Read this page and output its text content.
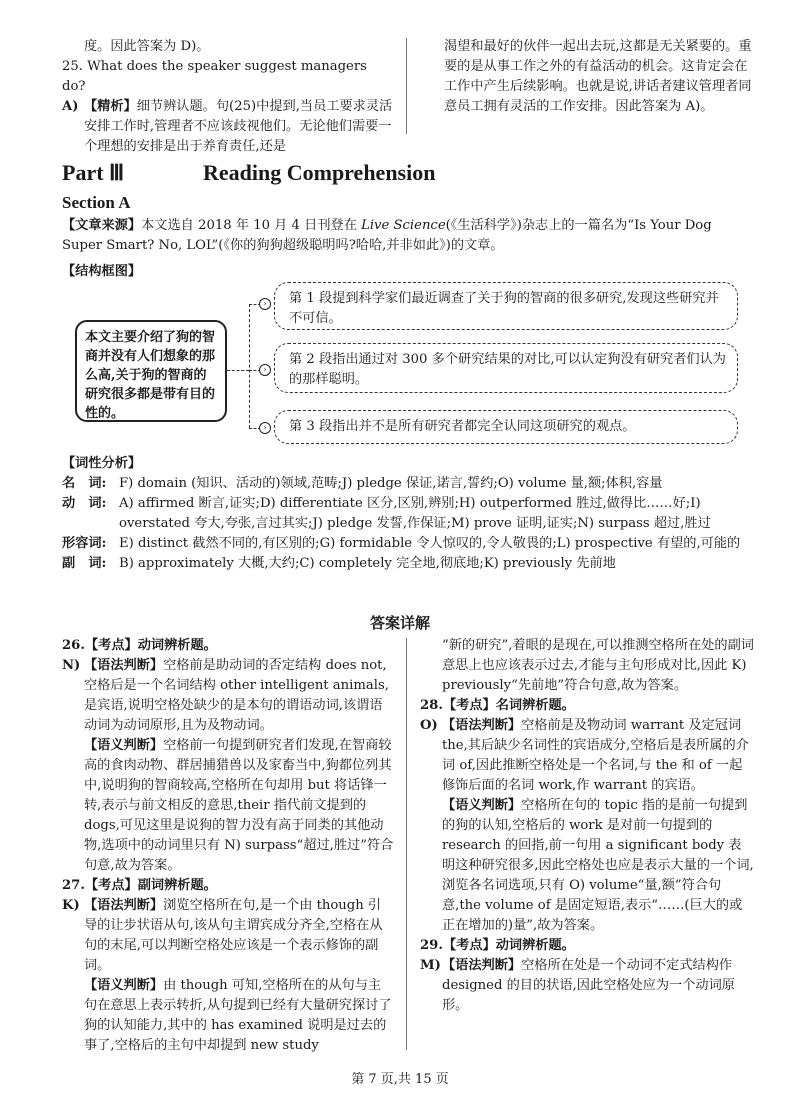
度。因此答案为 D)。

25. What does the speaker suggest managers do?

A) 【精析】细节辨认题。句(25)中提到,当员工要求灵活安排工作时,管理者不应该歧视他们。无论他们需要一个理想的安排是出于养育责任,还是

渴望和最好的伙伴一起出去玩,这都是无关紧要的。重要的是从事工作之外的有益活动的机会。这肯定会在工作中产生后续影响。也就是说,讲话者建议管理者同意员工拥有灵活的工作安排。因此答案为 A)。

Part Ⅲ	Reading Comprehension
Section A

【文章来源】本文选自 2018 年 10 月 4 日刊登在 Live Science(《生活科学》)杂志上的一篇名为“Is Your Dog Super Smart? No, LOL”(《你的狗狗超级聪明吗?哈哈,并非如此》)的文章。

【结构框图】
本文主要介绍了狗的智商并没有人们想象的那么高,关于狗的智商的研究很多都是带有目的性的。
›
›
›
第 1 段提到科学家们最近调查了关于狗的智商的很多研究,发现这些研究并不可信。
第 2 段指出通过对 300 多个研究结果的对比,可以认定狗没有研究者们认为的那样聪明。
第 3 段指出并不是所有研究者都完全认同这项研究的观点。
【词性分析】
名　词: F) domain (知识、活动的)领域,范畴;J) pledge 保证,诺言,誓约;O) volume 量,额;体积,容量
动　词: A) affirmed 断言,证实;D) differentiate 区分,区别,辨别;H) outperformed 胜过,做得比……好;I) overstated 夸大,夸张,言过其实;J) pledge 发誓,作保证;M) prove 证明,证实;N) surpass 超过,胜过
形容词: E) distinct 截然不同的,有区别的;G) formidable 令人惊叹的,令人敬畏的;L) prospective 有望的,可能的
副　词: B) approximately 大概,大约;C) completely 完全地,彻底地;K) previously 先前地
答案详解

26.【考点】动词辨析题。

N) 【语法判断】空格前是助动词的否定结构 does not,空格后是一个名词结构 other intelligent animals,是宾语,说明空格处缺少的是本句的谓语动词,该谓语动词为动词原形,且为及物动词。

【语义判断】空格前一句提到研究者们发现,在智商较高的食肉动物、群居捕猎兽以及家畜当中,狗都位列其中,说明狗的智商较高,空格所在句却用 but 将话锋一转,表示与前文相反的意思,their 指代前文提到的 dogs,可见这里是说狗的智力没有高于同类的其他动物,选项中的动词里只有 N) surpass“超过,胜过”符合句意,故为答案。

27.【考点】副词辨析题。

K) 【语法判断】浏览空格所在句,是一个由 though 引导的让步状语从句,该从句主谓宾成分齐全,空格在从句的末尾,可以判断空格处应该是一个表示修饰的副词。

【语义判断】由 though 可知,空格所在的从句与主句在意思上表示转折,从句提到已经有大量研究探讨了狗的认知能力,其中的 has examined 说明是过去的事了,空格后的主句中却提到 new study

“新的研究”,着眼的是现在,可以推测空格所在处的副词意思上也应该表示过去,才能与主句形成对比,因此 K) previously“先前地”符合句意,故为答案。

28.【考点】名词辨析题。

O) 【语法判断】空格前是及物动词 warrant 及定冠词 the,其后缺少名词性的宾语成分,空格后是表所属的介词 of,因此推断空格处是一个名词,与 the 和 of 一起修饰后面的名词 work,作 warrant 的宾语。

【语义判断】空格所在句的 topic 指的是前一句提到的狗的认知,空格后的 work 是对前一句提到的 research 的回指,前一句用 a significant body 表明这种研究很多,因此空格处也应是表示大量的一个词,浏览各名词选项,只有 O) volume“量,额”符合句意,the volume of 是固定短语,表示“……(巨大的或正在增加的)量”,故为答案。

29.【考点】动词辨析题。

M) 【语法判断】空格所在处是一个动词不定式结构作 designed 的目的状语,因此空格处应为一个动词原形。

第 7 页,共 15 页
